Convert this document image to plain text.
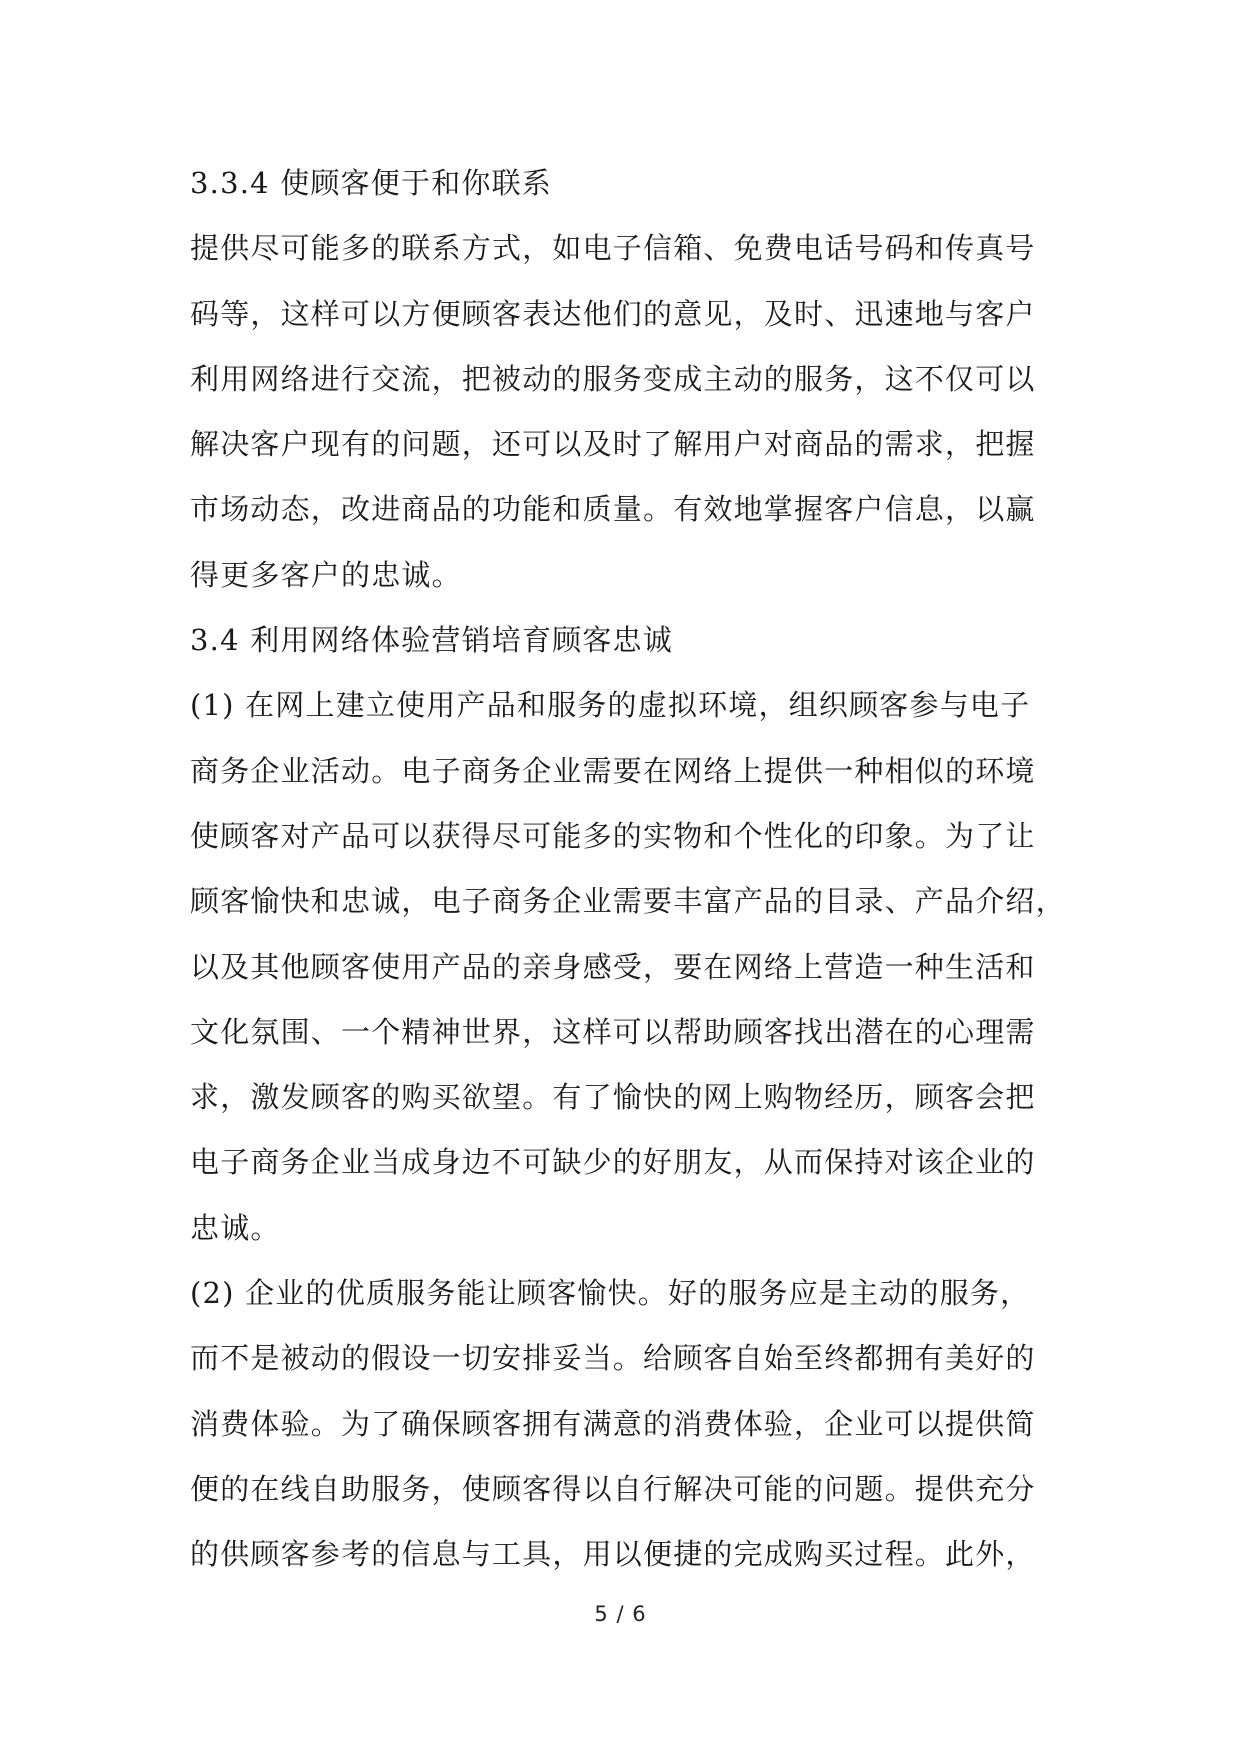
3.3.4 使顾客便于和你联系
提供尽可能多的联系方式，如电子信箱、免费电话号码和传真号
码等，这样可以方便顾客表达他们的意见，及时、迅速地与客户
利用网络进行交流，把被动的服务变成主动的服务，这不仅可以
解决客户现有的问题，还可以及时了解用户对商品的需求，把握
市场动态，改进商品的功能和质量。有效地掌握客户信息，以赢
得更多客户的忠诚。
3.4 利用网络体验营销培育顾客忠诚
(1) 在网上建立使用产品和服务的虚拟环境，组织顾客参与电子
商务企业活动。电子商务企业需要在网络上提供一种相似的环境
使顾客对产品可以获得尽可能多的实物和个性化的印象。为了让
顾客愉快和忠诚，电子商务企业需要丰富产品的目录、产品介绍，
以及其他顾客使用产品的亲身感受，要在网络上营造一种生活和
文化氛围、一个精神世界，这样可以帮助顾客找出潜在的心理需
求，激发顾客的购买欲望。有了愉快的网上购物经历，顾客会把
电子商务企业当成身边不可缺少的好朋友，从而保持对该企业的
忠诚。
(2) 企业的优质服务能让顾客愉快。好的服务应是主动的服务，
而不是被动的假设一切安排妥当。给顾客自始至终都拥有美好的
消费体验。为了确保顾客拥有满意的消费体验，企业可以提供简
便的在线自助服务，使顾客得以自行解决可能的问题。提供充分
的供顾客参考的信息与工具，用以便捷的完成购买过程。此外，
5 / 6
